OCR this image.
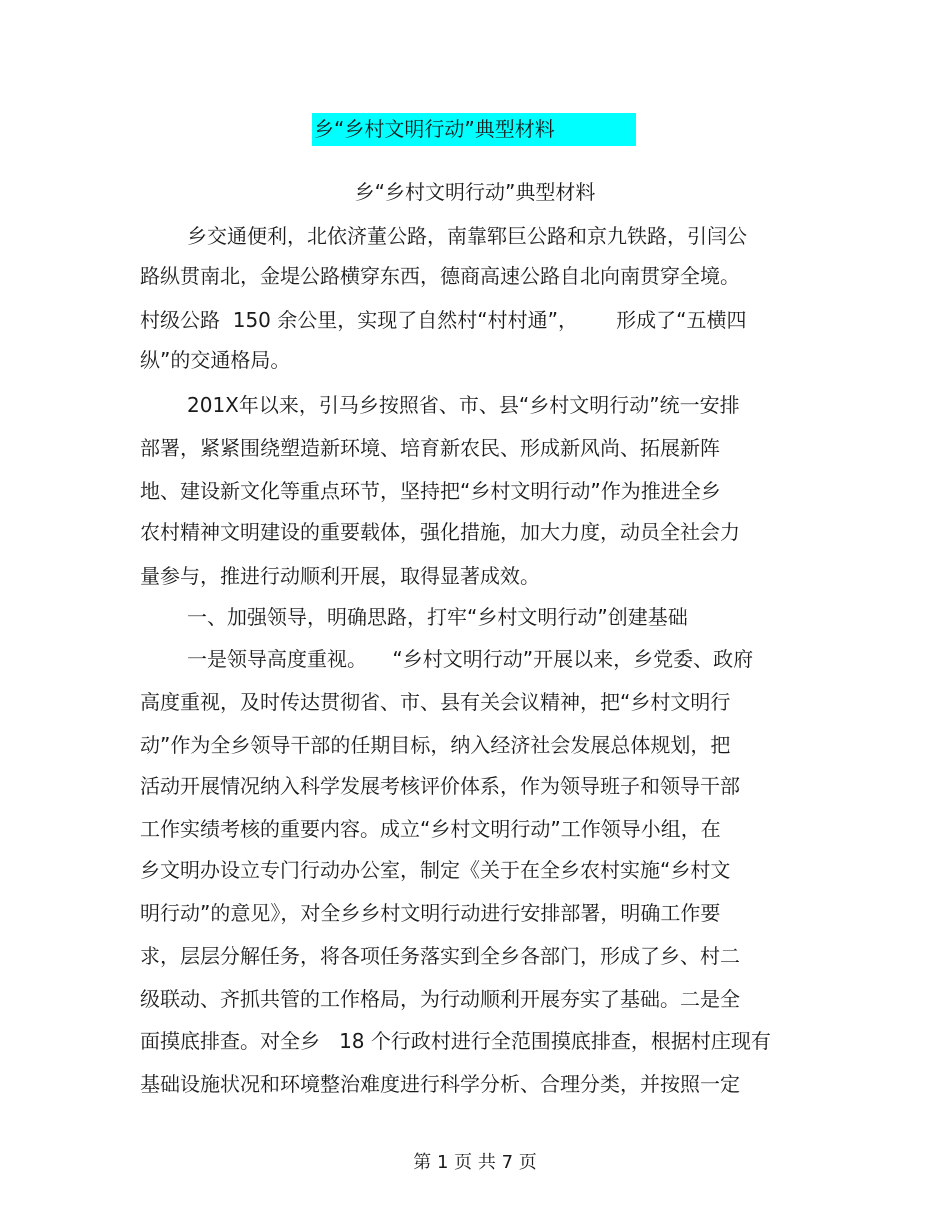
乡“乡村文明行动”典型材料
乡“乡村文明行动”典型材料
乡交通便利，北依济董公路，南靠郓巨公路和京九铁路，引闫公
路纵贯南北，金堤公路横穿东西，德商高速公路自北向南贯穿全境。
村级公路  150 余公里，实现了自然村“村村通”，      形成了“五横四
纵”的交通格局。
201X年以来，引马乡按照省、市、县“乡村文明行动”统一安排
部署，紧紧围绕塑造新环境、培育新农民、形成新风尚、拓展新阵
地、建设新文化等重点环节，坚持把“乡村文明行动”作为推进全乡
农村精神文明建设的重要载体，强化措施，加大力度，动员全社会力
量参与，推进行动顺利开展，取得显著成效。
一、加强领导，明确思路，打牢“乡村文明行动”创建基础
一是领导高度重视。    “乡村文明行动”开展以来，乡党委、政府
高度重视，及时传达贯彻省、市、县有关会议精神，把“乡村文明行
动”作为全乡领导干部的任期目标，纳入经济社会发展总体规划，把
活动开展情况纳入科学发展考核评价体系，作为领导班子和领导干部
工作实绩考核的重要内容。成立“乡村文明行动”工作领导小组，在
乡文明办设立专门行动办公室，制定《关于在全乡农村实施“乡村文
明行动”的意见》，对全乡乡村文明行动进行安排部署，明确工作要
求，层层分解任务，将各项任务落实到全乡各部门，形成了乡、村二
级联动、齐抓共管的工作格局，为行动顺利开展夯实了基础。二是全
面摸底排查。对全乡   18 个行政村进行全范围摸底排查，根据村庄现有
基础设施状况和环境整治难度进行科学分析、合理分类，并按照一定
第 1 页 共 7 页
